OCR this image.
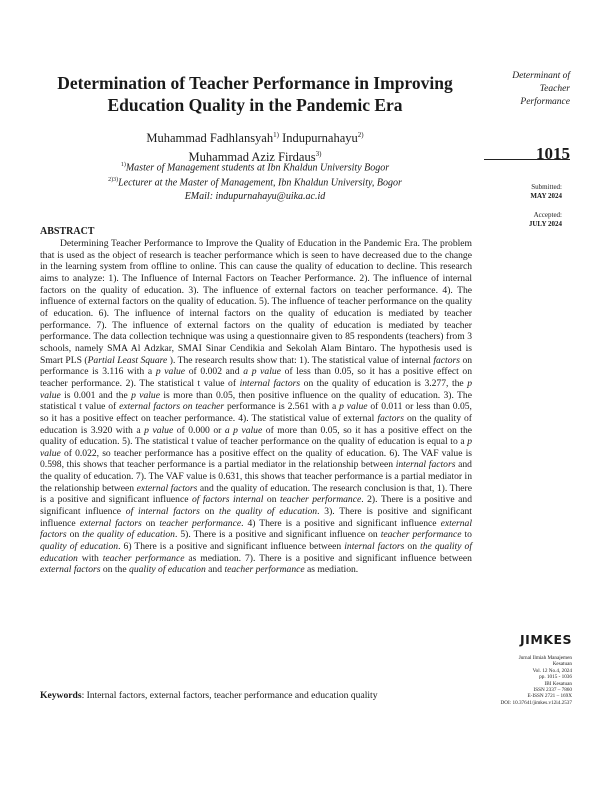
Determination of Teacher Performance in Improving
Education Quality in the Pandemic Era
Muhammad Fadhlansyah$^{1)}$ Indupurnahayu$^{2)}$
Muhammad Aziz Firdaus$^{3)}$
$^{1)}$Master of Management students at Ibn Khaldun University Bogor
$^{2)3)}$Lecturer at the Master of Management, Ibn Khaldun University, Bogor
EMail: indupurnahayu@uika.ac.id
Determinant of
Teacher
Performance
1015
Submitted:
MAY 2024
Accepted:
JULY 2024
ABSTRACT

Determining Teacher Performance to Improve the Quality of Education in the Pandemic Era. The problem that is used as the object of research is teacher performance which is seen to have decreased due to the change in the learning system from offline to online. This can cause the quality of education to decline. This research aims to analyze: 1). The Influence of Internal Factors on Teacher Performance. 2). The influence of internal factors on the quality of education. 3). The influence of external factors on teacher performance. 4). The influence of external factors on the quality of education. 5). The influence of teacher performance on the quality of education. 6). The influence of internal factors on the quality of education is mediated by teacher performance. 7). The influence of external factors on the quality of education is mediated by teacher performance. The data collection technique was using a questionnaire given to 85 respondents (teachers) from 3 schools, namely SMA Al Adzkar, SMAI Sinar Cendikia and Sekolah Alam Bintaro. The hypothesis used is Smart PLS (Partial Least Square ). The research results show that: 1). The statistical value of internal factors on performance is 3.116 with a p value of 0.002 and a p value of less than 0.05, so it has a positive effect on teacher performance. 2). The statistical t value of internal factors on the quality of education is 3.277, the p value is 0.001 and the p value is more than 0.05, then positive influence on the quality of education. 3). The statistical t value of external factors on teacher performance is 2.561 with a p value of 0.011 or less than 0.05, so it has a positive effect on teacher performance. 4). The statistical value of external factors on the quality of education is 3.920 with a p value of 0.000 or a p value of more than 0.05, so it has a positive effect on the quality of education. 5). The statistical t value of teacher performance on the quality of education is equal to a p value of 0.022, so teacher performance has a positive effect on the quality of education. 6). The VAF value is 0.598, this shows that teacher performance is a partial mediator in the relationship between internal factors and the quality of education. 7). The VAF value is 0.631, this shows that teacher performance is a partial mediator in the relationship between external factors and the quality of education. The research conclusion is that, 1). There is a positive and significant influence of factors internal on teacher performance. 2). There is a positive and significant influence of internal factors on the quality of education. 3). There is positive and significant influence external factors on teacher performance. 4) There is a positive and significant influence external factors on the quality of education. 5). There is a positive and significant influence on teacher performance to quality of education. 6) There is a positive and significant influence between internal factors on the quality of education with teacher performance as mediation. 7). There is a positive and significant influence between external factors on the quality of education and teacher performance as mediation.

Keywords: Internal factors, external factors, teacher performance and education quality
JIMKES
Jurnal Ilmiah Manajemen
Kesatuan
Vol. 12 No.4, 2024
pp. 1015 - 1036
IBI Kesatuan
ISSN 2337 – 7860
E-ISSN 2721 – 169X
DOI: 10.37641/jimkes.v12i4.2537
